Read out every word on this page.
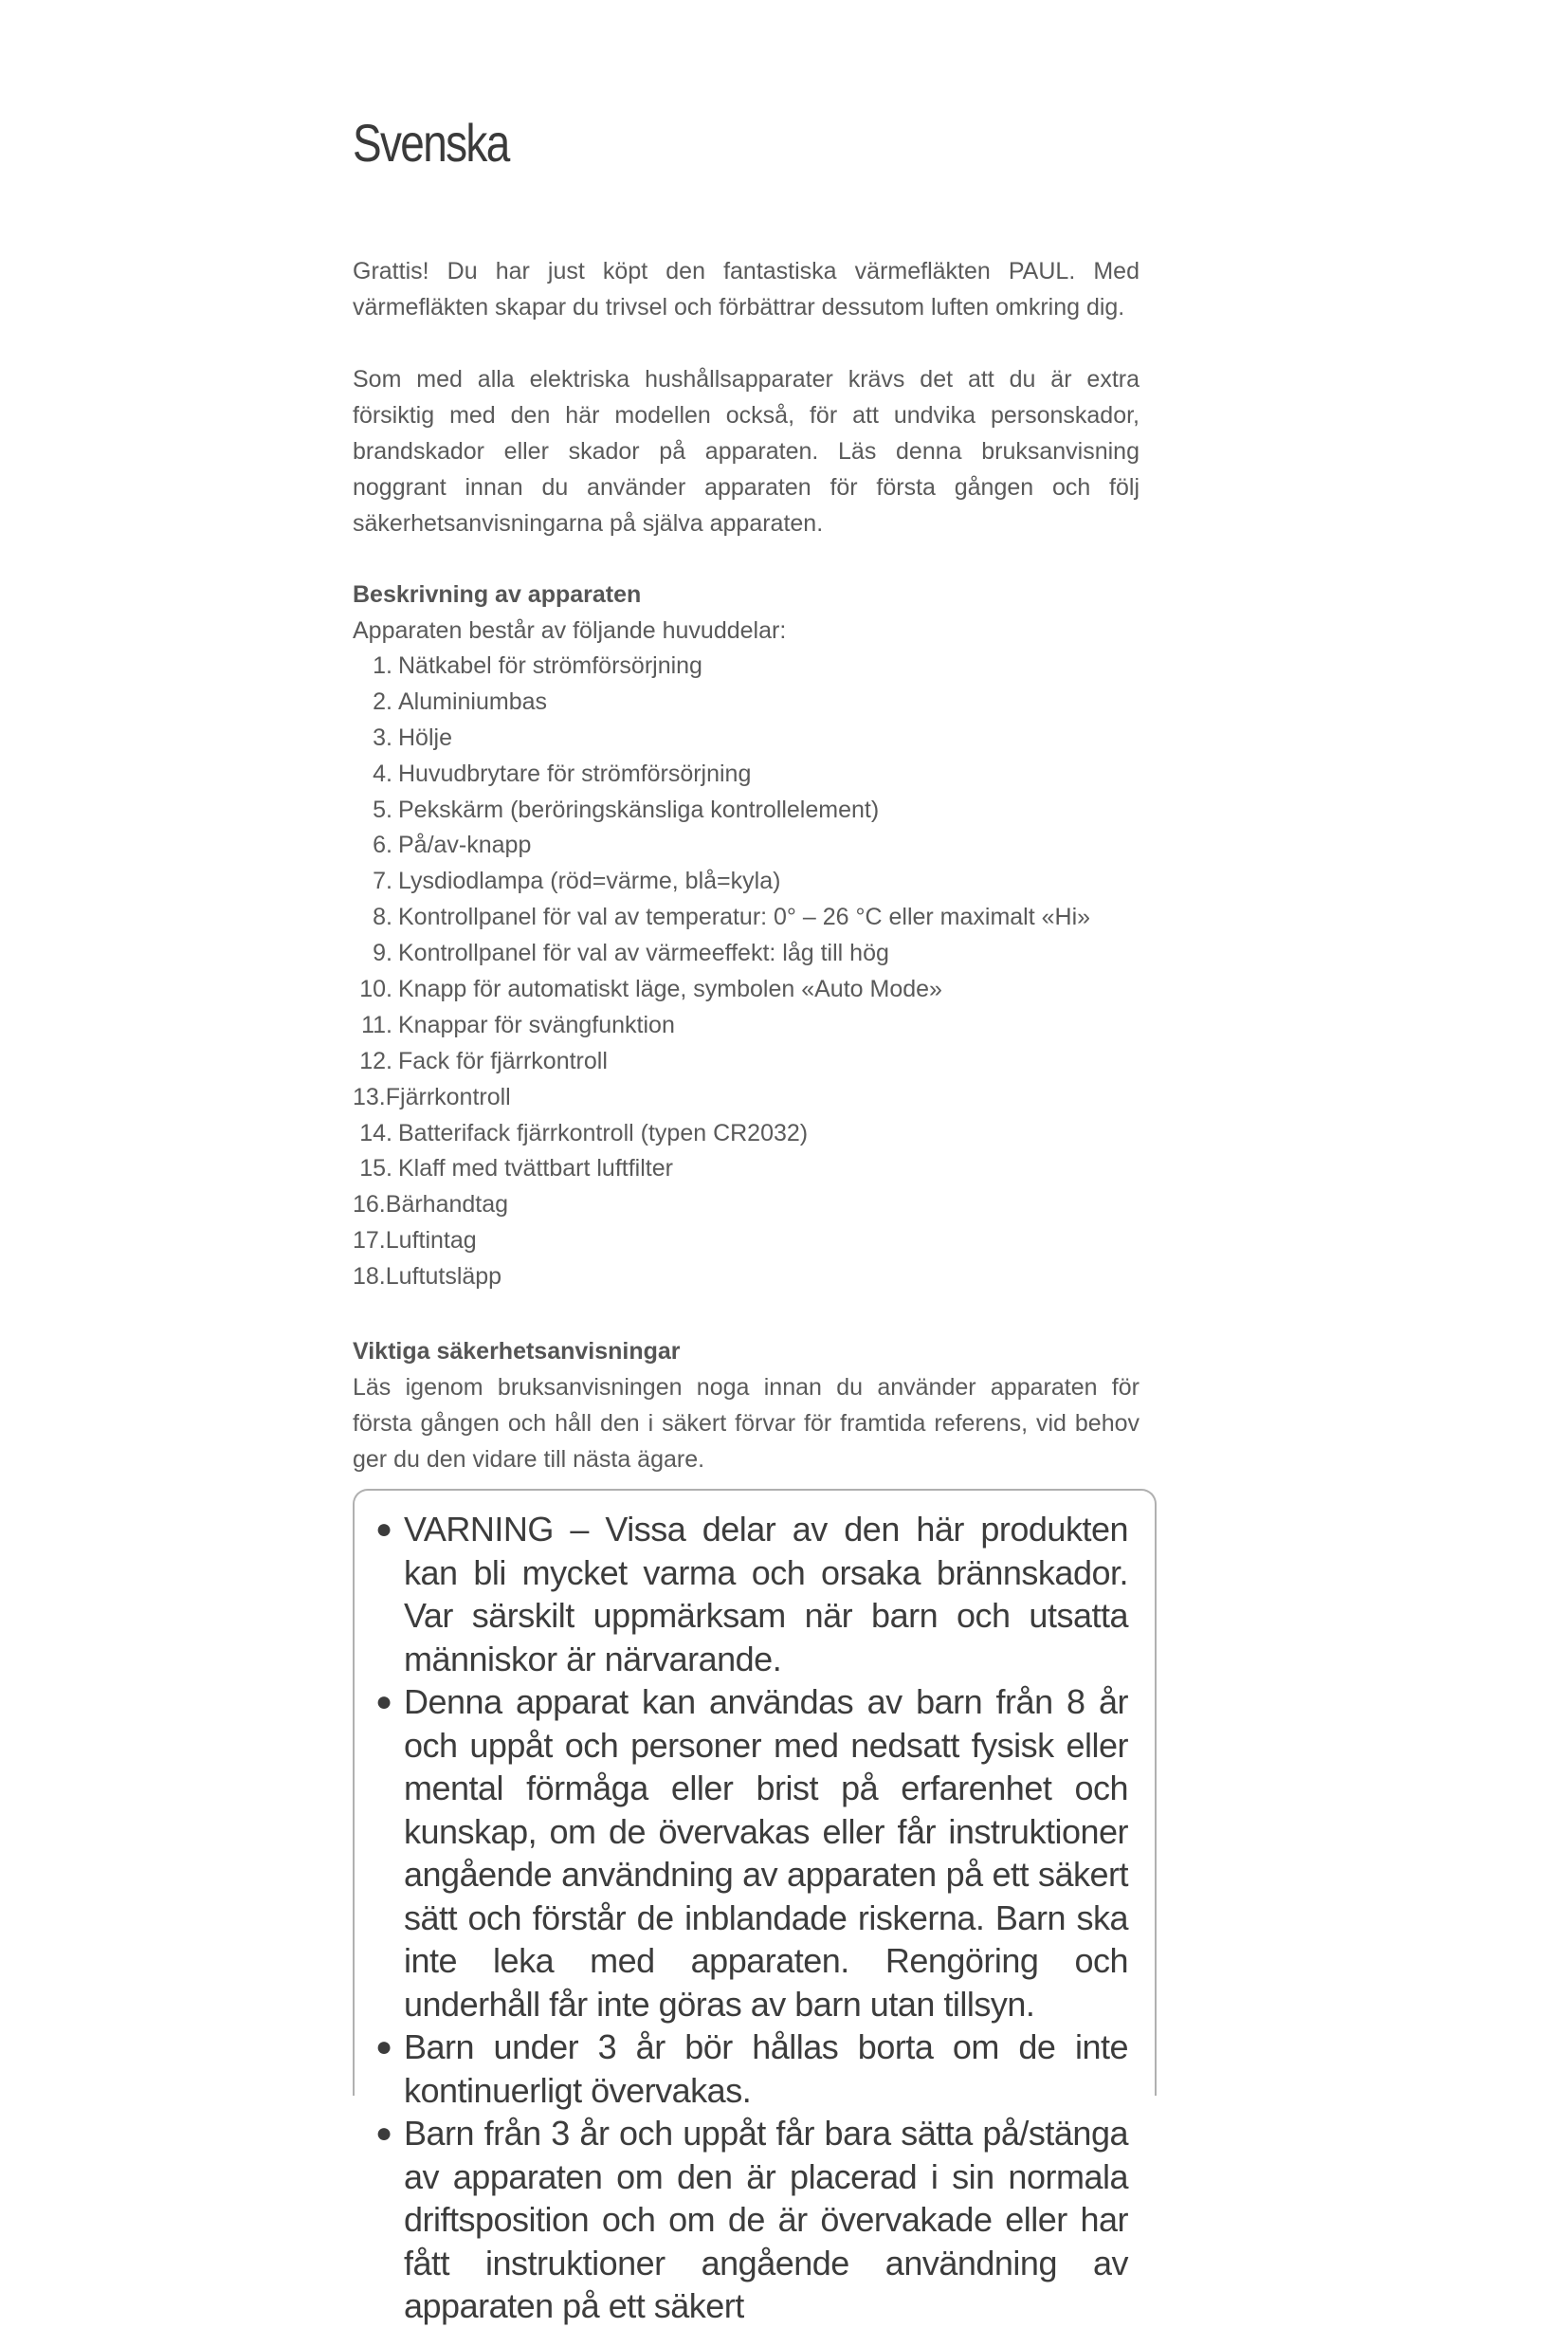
Svenska

Grattis! Du har just köpt den fantastiska värmefläkten PAUL. Med värmefläkten skapar du trivsel och förbättrar dessutom luften omkring dig.

Som med alla elektriska hushållsapparater krävs det att du är extra försiktig med den här modellen också, för att undvika personskador, brandskador eller skador på apparaten. Läs denna bruksanvisning noggrant innan du använder apparaten för första gången och följ säkerhetsanvisningarna på själva apparaten.

Beskrivning av apparaten

Apparaten består av följande huvuddelar:

1. Nätkabel för strömförsörjning
2. Aluminiumbas
3. Hölje
4. Huvudbrytare för strömförsörjning
5. Pekskärm (beröringskänsliga kontrollelement)
6. På/av-knapp
7. Lysdiodlampa (röd=värme, blå=kyla)
8. Kontrollpanel för val av temperatur: 0° – 26 °C eller maximalt «Hi»
9. Kontrollpanel för val av värmeeffekt: låg till hög
10. Knapp för automatiskt läge, symbolen «Auto Mode»
11. Knappar för svängfunktion
12. Fack för fjärrkontroll
13.Fjärrkontroll
14. Batterifack fjärrkontroll (typen CR2032)
15. Klaff med tvättbart luftfilter
16.Bärhandtag
17.Luftintag
18.Luftutsläpp
Viktiga säkerhetsanvisningar

Läs igenom bruksanvisningen noga innan du använder apparaten för första gången och håll den i säkert förvar för framtida referens, vid behov ger du den vidare till nästa ägare.

● VARNING – Vissa delar av den här produkten kan bli mycket varma och orsaka brännskador. Var särskilt uppmärksam när barn och utsatta människor är närvarande.
● Denna apparat kan användas av barn från 8 år och uppåt och personer med nedsatt fysisk eller mental förmåga eller brist på erfarenhet och kunskap, om de övervakas eller får instruktioner angående användning av apparaten på ett säkert sätt och förstår de inblandade riskerna. Barn ska inte leka med apparaten. Rengöring och underhåll får inte göras av barn utan tillsyn.
● Barn under 3 år bör hållas borta om de inte kontinuerligt övervakas.
● Barn från 3 år och uppåt får bara sätta på/stänga av apparaten om den är placerad i sin normala driftsposition och om de är övervakade eller har fått instruktioner angående användning av apparaten på ett säkert
